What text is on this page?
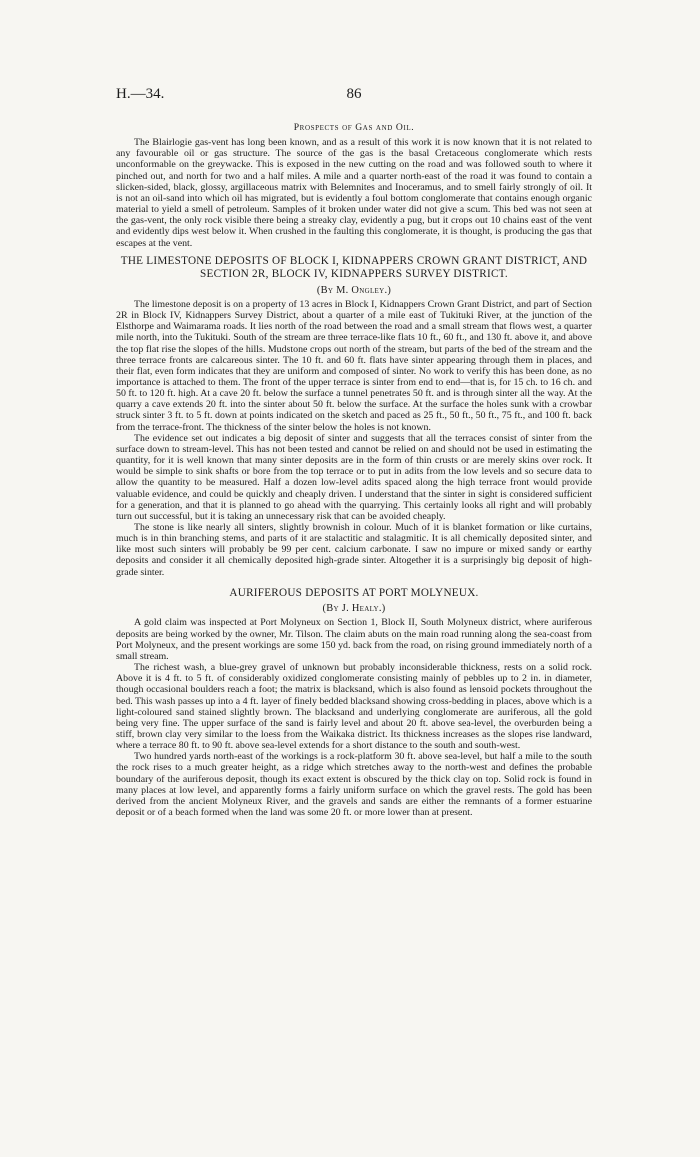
H.—34.	86
Prospects of Gas and Oil.

The Blairlogie gas-vent has long been known, and as a result of this work it is now known that it is not related to any favourable oil or gas structure. The source of the gas is the basal Cretaceous conglomerate which rests unconformable on the greywacke. This is exposed in the new cutting on the road and was followed south to where it pinched out, and north for two and a half miles. A mile and a quarter north-east of the road it was found to contain a slicken-sided, black, glossy, argillaceous matrix with Belemnites and Inoceramus, and to smell fairly strongly of oil. It is not an oil-sand into which oil has migrated, but is evidently a foul bottom conglomerate that contains enough organic material to yield a smell of petroleum. Samples of it broken under water did not give a scum. This bed was not seen at the gas-vent, the only rock visible there being a streaky clay, evidently a pug, but it crops out 10 chains east of the vent and evidently dips west below it. When crushed in the faulting this conglomerate, it is thought, is producing the gas that escapes at the vent.

THE LIMESTONE DEPOSITS OF BLOCK I, KIDNAPPERS CROWN GRANT DISTRICT, AND SECTION 2R, BLOCK IV, KIDNAPPERS SURVEY DISTRICT.
(By M. Ongley.)

The limestone deposit is on a property of 13 acres in Block I, Kidnappers Crown Grant District, and part of Section 2R in Block IV, Kidnappers Survey District, about a quarter of a mile east of Tukituki River, at the junction of the Elsthorpe and Waimarama roads. It lies north of the road between the road and a small stream that flows west, a quarter mile north, into the Tukituki. South of the stream are three terrace-like flats 10 ft., 60 ft., and 130 ft. above it, and above the top flat rise the slopes of the hills. Mudstone crops out north of the stream, but parts of the bed of the stream and the three terrace fronts are calcareous sinter. The 10 ft. and 60 ft. flats have sinter appearing through them in places, and their flat, even form indicates that they are uniform and composed of sinter. No work to verify this has been done, as no importance is attached to them. The front of the upper terrace is sinter from end to end—that is, for 15 ch. to 16 ch. and 50 ft. to 120 ft. high. At a cave 20 ft. below the surface a tunnel penetrates 50 ft. and is through sinter all the way. At the quarry a cave extends 20 ft. into the sinter about 50 ft. below the surface. At the surface the holes sunk with a crowbar struck sinter 3 ft. to 5 ft. down at points indicated on the sketch and paced as 25 ft., 50 ft., 50 ft., 75 ft., and 100 ft. back from the terrace-front. The thickness of the sinter below the holes is not known.

The evidence set out indicates a big deposit of sinter and suggests that all the terraces consist of sinter from the surface down to stream-level. This has not been tested and cannot be relied on and should not be used in estimating the quantity, for it is well known that many sinter deposits are in the form of thin crusts or are merely skins over rock. It would be simple to sink shafts or bore from the top terrace or to put in adits from the low levels and so secure data to allow the quantity to be measured. Half a dozen low-level adits spaced along the high terrace front would provide valuable evidence, and could be quickly and cheaply driven. I understand that the sinter in sight is considered sufficient for a generation, and that it is planned to go ahead with the quarrying. This certainly looks all right and will probably turn out successful, but it is taking an unnecessary risk that can be avoided cheaply.

The stone is like nearly all sinters, slightly brownish in colour. Much of it is blanket formation or like curtains, much is in thin branching stems, and parts of it are stalactitic and stalagmitic. It is all chemically deposited sinter, and like most such sinters will probably be 99 per cent. calcium carbonate. I saw no impure or mixed sandy or earthy deposits and consider it all chemically deposited high-grade sinter. Altogether it is a surprisingly big deposit of high-grade sinter.

AURIFEROUS DEPOSITS AT PORT MOLYNEUX.
(By J. Healy.)

A gold claim was inspected at Port Molyneux on Section 1, Block II, South Molyneux district, where auriferous deposits are being worked by the owner, Mr. Tilson. The claim abuts on the main road running along the sea-coast from Port Molyneux, and the present workings are some 150 yd. back from the road, on rising ground immediately north of a small stream.

The richest wash, a blue-grey gravel of unknown but probably inconsiderable thickness, rests on a solid rock. Above it is 4 ft. to 5 ft. of considerably oxidized conglomerate consisting mainly of pebbles up to 2 in. in diameter, though occasional boulders reach a foot; the matrix is blacksand, which is also found as lensoid pockets throughout the bed. This wash passes up into a 4 ft. layer of finely bedded blacksand showing cross-bedding in places, above which is a light-coloured sand stained slightly brown. The blacksand and underlying conglomerate are auriferous, all the gold being very fine. The upper surface of the sand is fairly level and about 20 ft. above sea-level, the overburden being a stiff, brown clay very similar to the loess from the Waikaka district. Its thickness increases as the slopes rise landward, where a terrace 80 ft. to 90 ft. above sea-level extends for a short distance to the south and south-west.

Two hundred yards north-east of the workings is a rock-platform 30 ft. above sea-level, but half a mile to the south the rock rises to a much greater height, as a ridge which stretches away to the north-west and defines the probable boundary of the auriferous deposit, though its exact extent is obscured by the thick clay on top. Solid rock is found in many places at low level, and apparently forms a fairly uniform surface on which the gravel rests. The gold has been derived from the ancient Molyneux River, and the gravels and sands are either the remnants of a former estuarine deposit or of a beach formed when the land was some 20 ft. or more lower than at present.
